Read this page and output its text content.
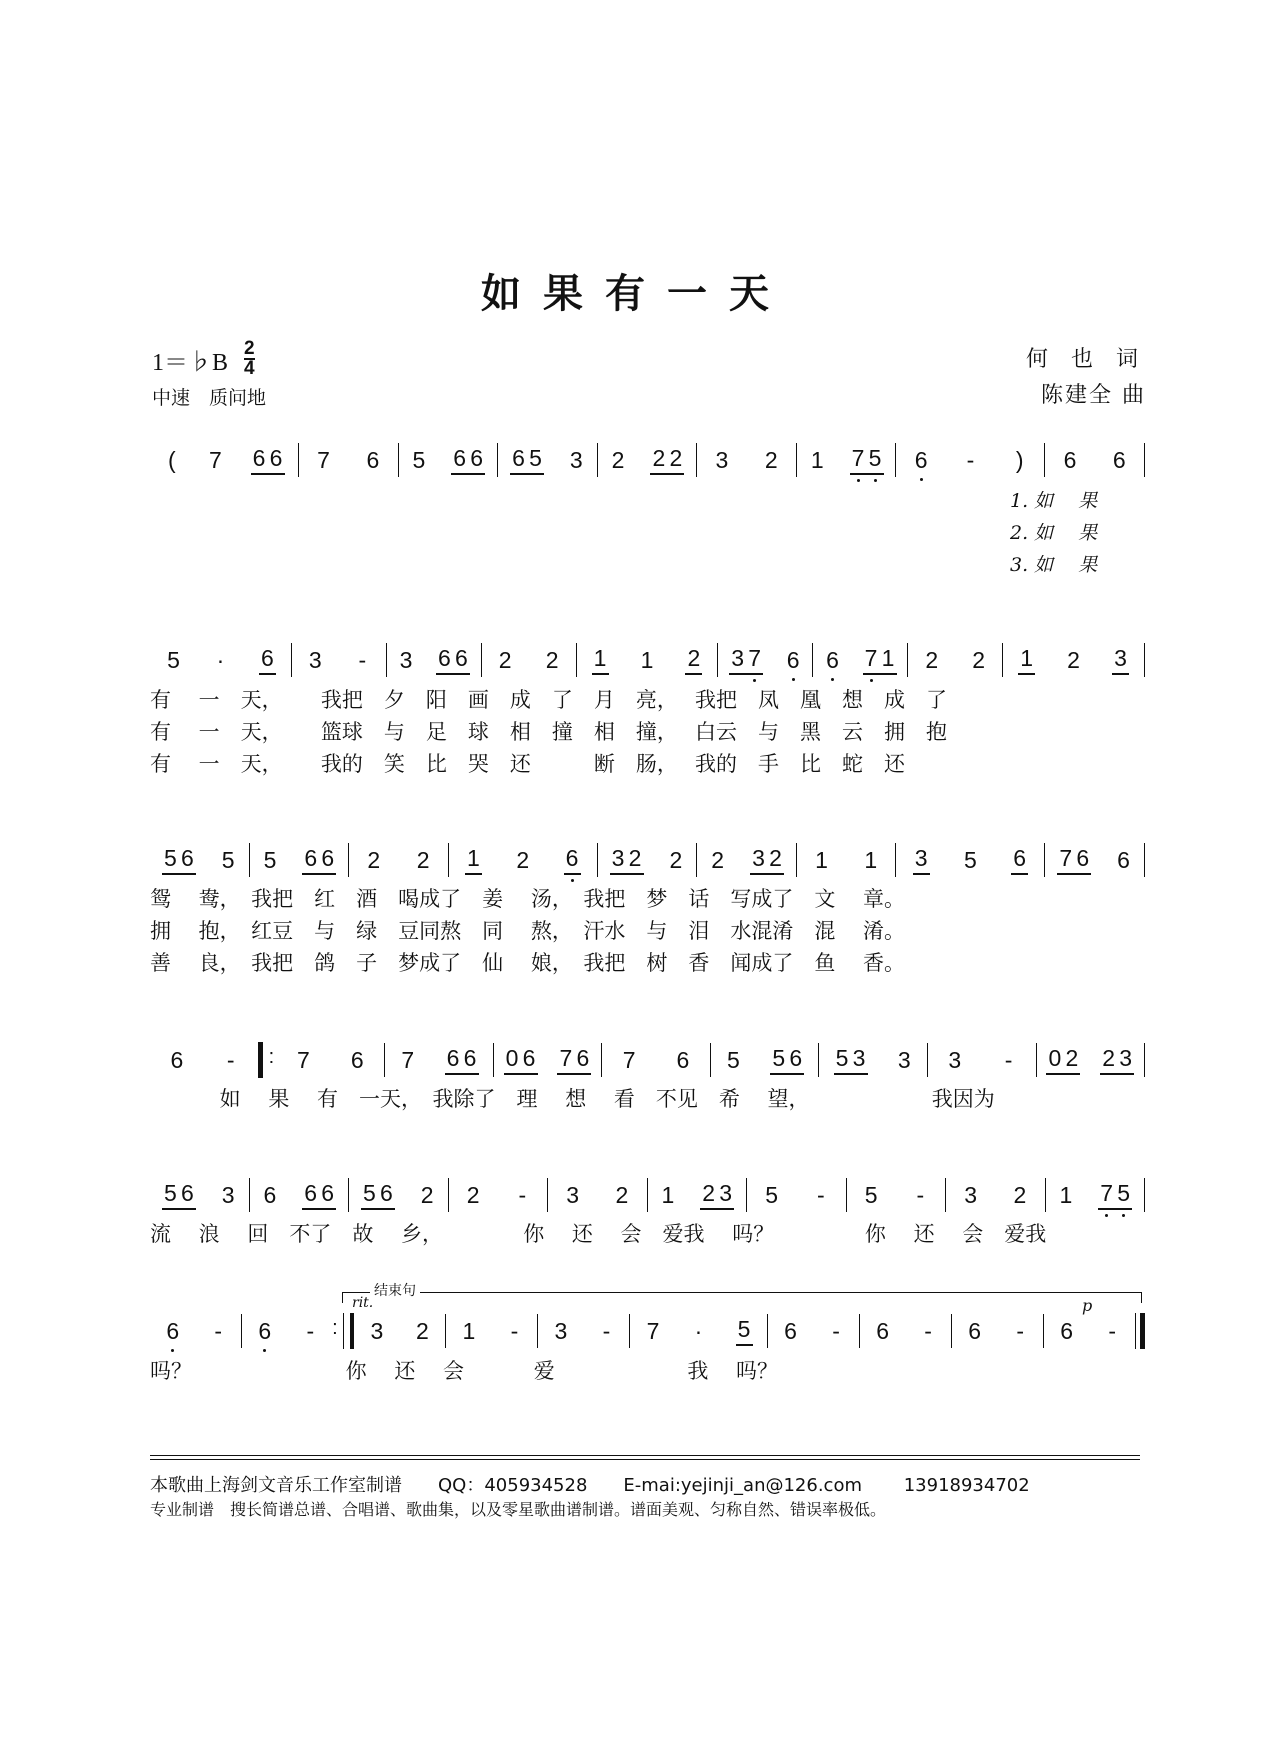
如果有一天
1＝♭B $\frac{2}{4}$
中速　质问地
何 也 词
陈建全 曲
( 7 6 6 7 6 5 6 6 6 5 3 2 2 2 3 2 1 7 5 6 - ) 6 6
1. 如　 果
2. 如　 果
3. 如　 果
5 · 6 3 - 3 6 6 2 2 1 1 2 3 7 6 6 7 1 2 2 1 2 3
有　 一　天，　　 我把　夕　阳　画　成　了　月　亮，　 我把　凤　凰　想　成　了
有　 一　天，　　 篮球　与　足　球　相　撞　相　撞，　 白云　与　黑　云　拥　抱
有　 一　天，　　 我的　笑　比　哭　还　　　断　肠，　 我的　手　比　蛇　还
5 6 5 5 6 6 2 2 1 2 6 3 2 2 2 3 2 1 1 3 5 6 7 6 6
鸳　 鸯，　我把　红　酒　喝成了　姜　 汤，　我把　梦　话　写成了　文　 章。
拥　 抱，　红豆　与　绿　豆同熬　同　 熬，　汗水　与　泪　水混淆　混　 淆。
善　 良，　我把　鸽　子　梦成了　仙　 娘，　我把　树　香　闻成了　鱼　 香。
6 - :	7 6 7 6 6 0 6 7 6 7 6 5 5 6 5 3 3 3 - 0 2 2 3
　　　 如　 果　 有　一天，　我除了　理　 想　 看　不见　希　 望，　　　　　　 我因为
5 6 3 6 6 6 5 6 2 2 - 3 2 1 2 3 5 - 5 - 3 2 1 7 5
流　 浪　 回　不了　故　 乡，　　　　 你　 还　 会　爱我　 吗？　　　　 你　 还　 会　爱我
6 - 6 - : 3 2 1 - 3 - 7 · 5 6 - 6 - 6 - 6 -
吗？　　　　　　　 你　 还　 会　　　 爱　　　　　　 我　 吗？
结束句
rit.	p
本歌曲上海剑文音乐工作室制谱　　QQ：405934528　　E-mai:yejinji_an@126.com　　 13918934702
专业制谱　搜长简谱总谱、合唱谱、歌曲集，以及零星歌曲谱制谱。谱面美观、匀称自然、错误率极低。
